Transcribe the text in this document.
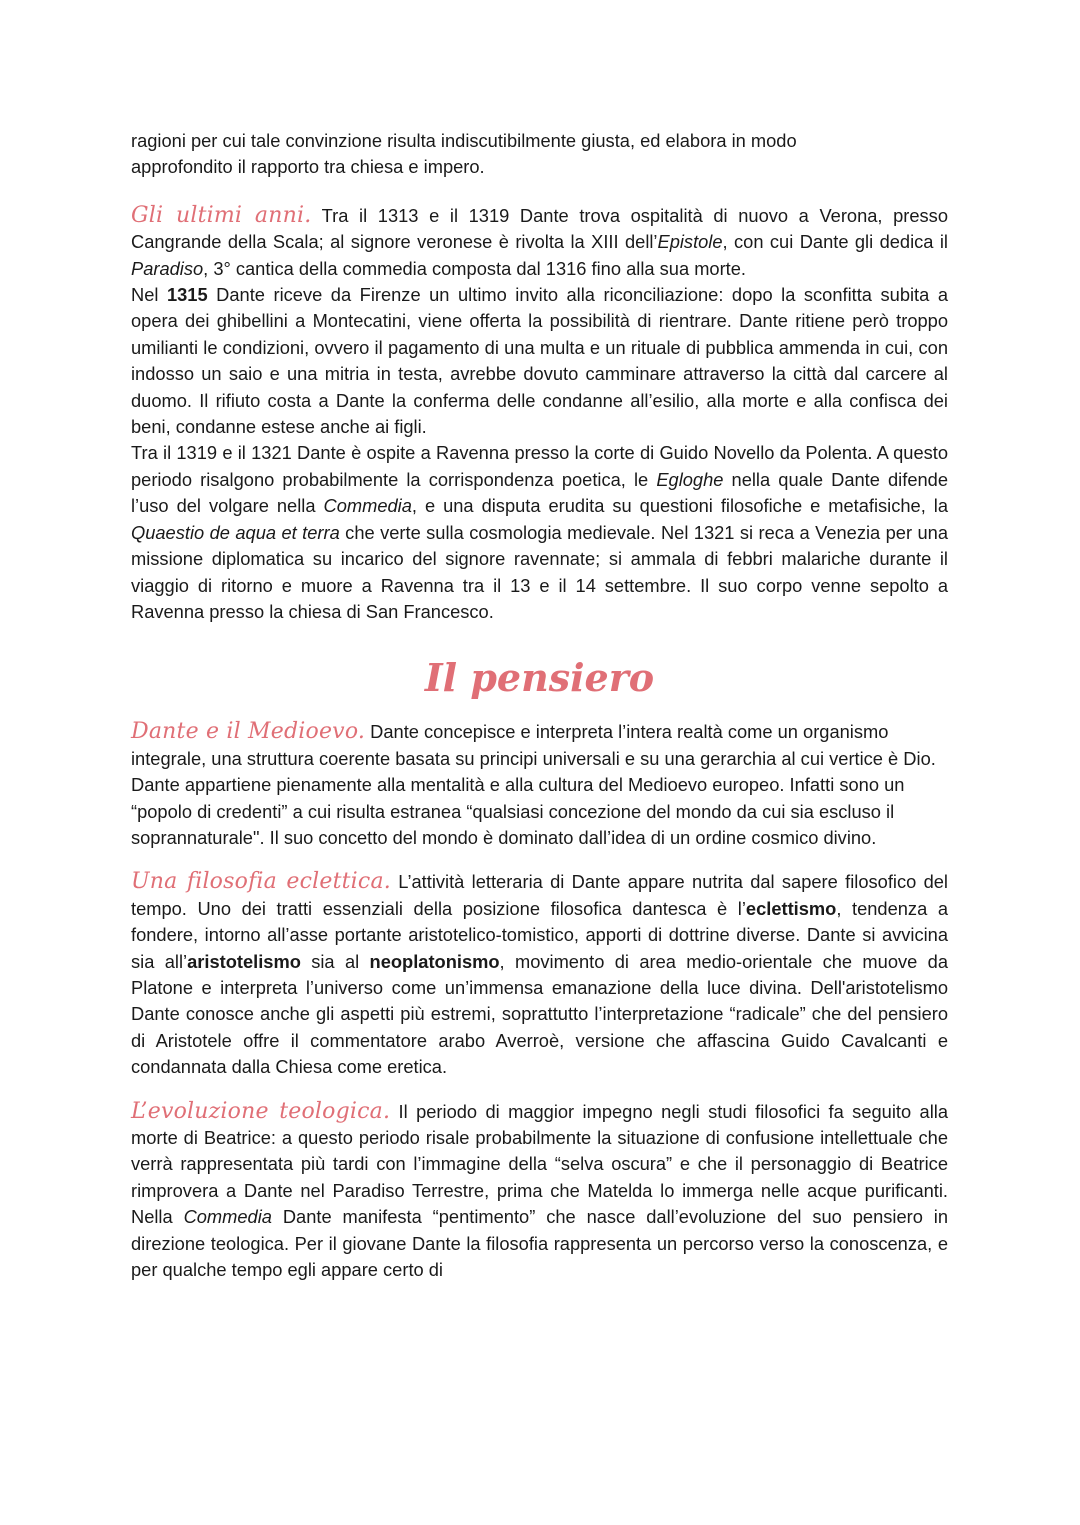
ragioni per cui tale convinzione risulta indiscutibilmente giusta, ed elabora in modo
approfondito il rapporto tra chiesa e impero.

Gli ultimi anni. Tra il 1313 e il 1319 Dante trova ospitalità di nuovo a Verona, presso Cangrande della Scala; al signore veronese è rivolta la XIII dell’Epistole, con cui Dante gli dedica il Paradiso, 3° cantica della commedia composta dal 1316 fino alla sua morte.

Nel 1315 Dante riceve da Firenze un ultimo invito alla riconciliazione: dopo la sconfitta subita a opera dei ghibellini a Montecatini, viene offerta la possibilità di rientrare. Dante ritiene però troppo umilianti le condizioni, ovvero il pagamento di una multa e un rituale di pubblica ammenda in cui, con indosso un saio e una mitria in testa, avrebbe dovuto camminare attraverso la città dal carcere al duomo. Il rifiuto costa a Dante la conferma delle condanne all’esilio, alla morte e alla confisca dei beni, condanne estese anche ai figli.

Tra il 1319 e il 1321 Dante è ospite a Ravenna presso la corte di Guido Novello da Polenta. A questo periodo risalgono probabilmente la corrispondenza poetica, le Egloghe nella quale Dante difende l’uso del volgare nella Commedia, e una disputa erudita su questioni filosofiche e metafisiche, la Quaestio de aqua et terra che verte sulla cosmologia medievale. Nel 1321 si reca a Venezia per una missione diplomatica su incarico del signore ravennate; si ammala di febbri malariche durante il viaggio di ritorno e muore a Ravenna tra il 13 e il 14 settembre. Il suo corpo venne sepolto a Ravenna presso la chiesa di San Francesco.

Il pensiero

Dante e il Medioevo. Dante concepisce e interpreta l’intera realtà come un organismo integrale, una struttura coerente basata su principi universali e su una gerarchia al cui vertice è Dio. Dante appartiene pienamente alla mentalità e alla cultura del Medioevo europeo. Infatti sono un “popolo di credenti” a cui risulta estranea “qualsiasi concezione del mondo da cui sia escluso il soprannaturale". Il suo concetto del mondo è dominato dall’idea di un ordine cosmico divino.

Una filosofia eclettica. L’attività letteraria di Dante appare nutrita dal sapere filosofico del tempo. Uno dei tratti essenziali della posizione filosofica dantesca è l’eclettismo, tendenza a fondere, intorno all’asse portante aristotelico-tomistico, apporti di dottrine diverse. Dante si avvicina sia all’aristotelismo sia al neoplatonismo, movimento di area medio-orientale che muove da Platone e interpreta l’universo come un’immensa emanazione della luce divina. Dell'aristotelismo Dante conosce anche gli aspetti più estremi, soprattutto l’interpretazione “radicale” che del pensiero di Aristotele offre il commentatore arabo Averroè, versione che affascina Guido Cavalcanti e condannata dalla Chiesa come eretica.

L’evoluzione teologica. Il periodo di maggior impegno negli studi filosofici fa seguito alla morte di Beatrice: a questo periodo risale probabilmente la situazione di confusione intellettuale che verrà rappresentata più tardi con l’immagine della “selva oscura” e che il personaggio di Beatrice rimprovera a Dante nel Paradiso Terrestre, prima che Matelda lo immerga nelle acque purificanti. Nella Commedia Dante manifesta “pentimento” che nasce dall’evoluzione del suo pensiero in direzione teologica. Per il giovane Dante la filosofia rappresenta un percorso verso la conoscenza, e per qualche tempo egli appare certo di
